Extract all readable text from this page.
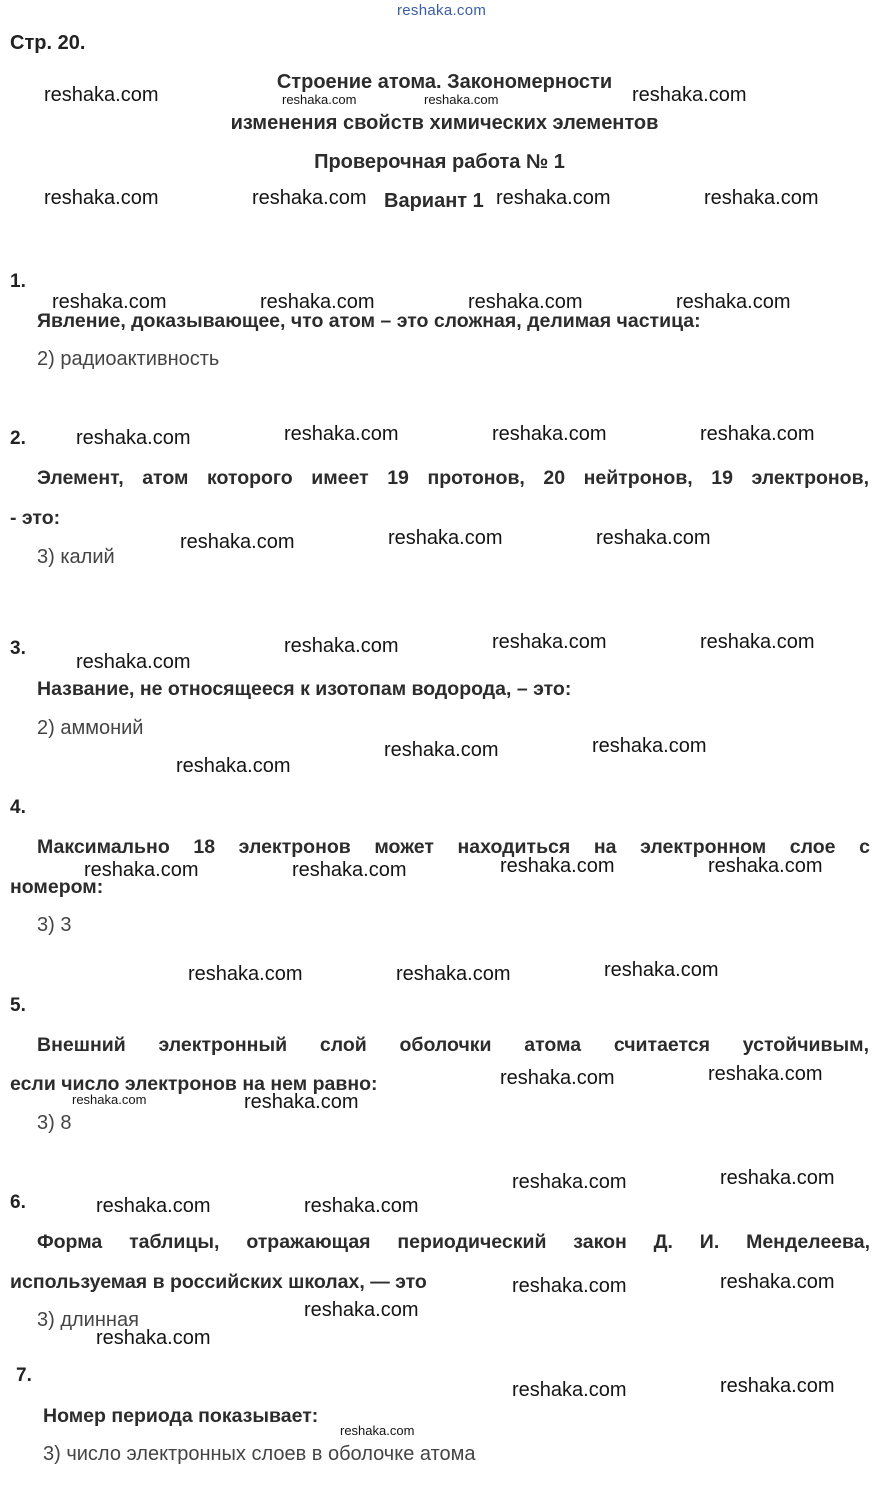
reshaka.com
Стр. 20.
Строение атома. Закономерности
изменения свойств химических элементов
Проверочная работа № 1
Вариант 1
1.
Явление, доказывающее, что атом – это сложная, делимая частица:
2) радиоактивность
2.
Элемент, атом которого имеет 19 протонов, 20 нейтронов, 19 электронов,
- это:
3) калий
3.
Название, не относящееся к изотопам водорода, – это:
2) аммоний
4.
Максимально 18 электронов может находиться на электронном слое с
номером:
3) 3
5.
Внешний электронный слой оболочки атома считается устойчивым,
если число электронов на нем равно:
3) 8
6.
Форма таблицы, отражающая периодический закон Д. И. Менделеева,
используемая в российских школах, — это
3) длинная
7.
Номер периода показывает:
3) число электронных слоев в оболочке атома
reshaka.com	reshaka.com
reshaka.com	reshaka.com	reshaka.com	reshaka.com
reshaka.com	reshaka.com	reshaka.com	reshaka.com
reshaka.com	reshaka.com	reshaka.com	reshaka.com
reshaka.com	reshaka.com	reshaka.com
reshaka.com	reshaka.com	reshaka.com
reshaka.com
reshaka.com	reshaka.com
reshaka.com
reshaka.com	reshaka.com	reshaka.com	reshaka.com
reshaka.com	reshaka.com	reshaka.com
reshaka.com	reshaka.com
reshaka.com
reshaka.com	reshaka.com
reshaka.com	reshaka.com
reshaka.com	reshaka.com
reshaka.com
reshaka.com
reshaka.com	reshaka.com
reshaka.com	reshaka.com
reshaka.com
reshaka.com
